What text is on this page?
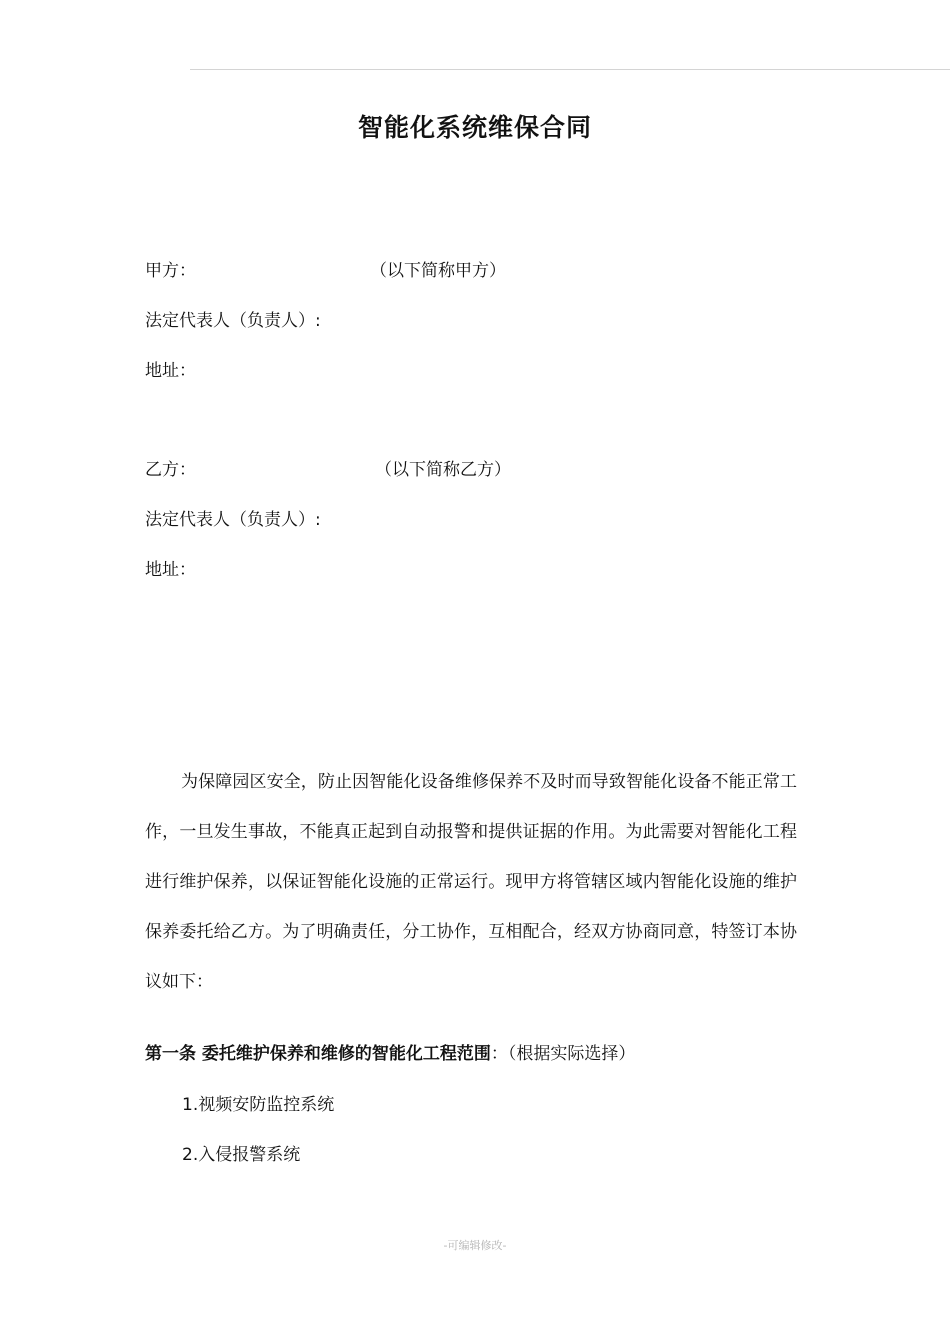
智能化系统维保合同
甲方：	（以下简称甲方）
法定代表人（负责人）:
地址：
乙方：	（以下简称乙方）
法定代表人（负责人）:
地址：
为保障园区安全，防止因智能化设备维修保养不及时而导致智能化设备不能正常工作，一旦发生事故，不能真正起到自动报警和提供证据的作用。为此需要对智能化工程进行维护保养，以保证智能化设施的正常运行。现甲方将管辖区域内智能化设施的维护保养委托给乙方。为了明确责任，分工协作，互相配合，经双方协商同意，特签订本协议如下：
第一条 委托维护保养和维修的智能化工程范围：（根据实际选择）
1.视频安防监控系统
2.入侵报警系统
-可编辑修改-
